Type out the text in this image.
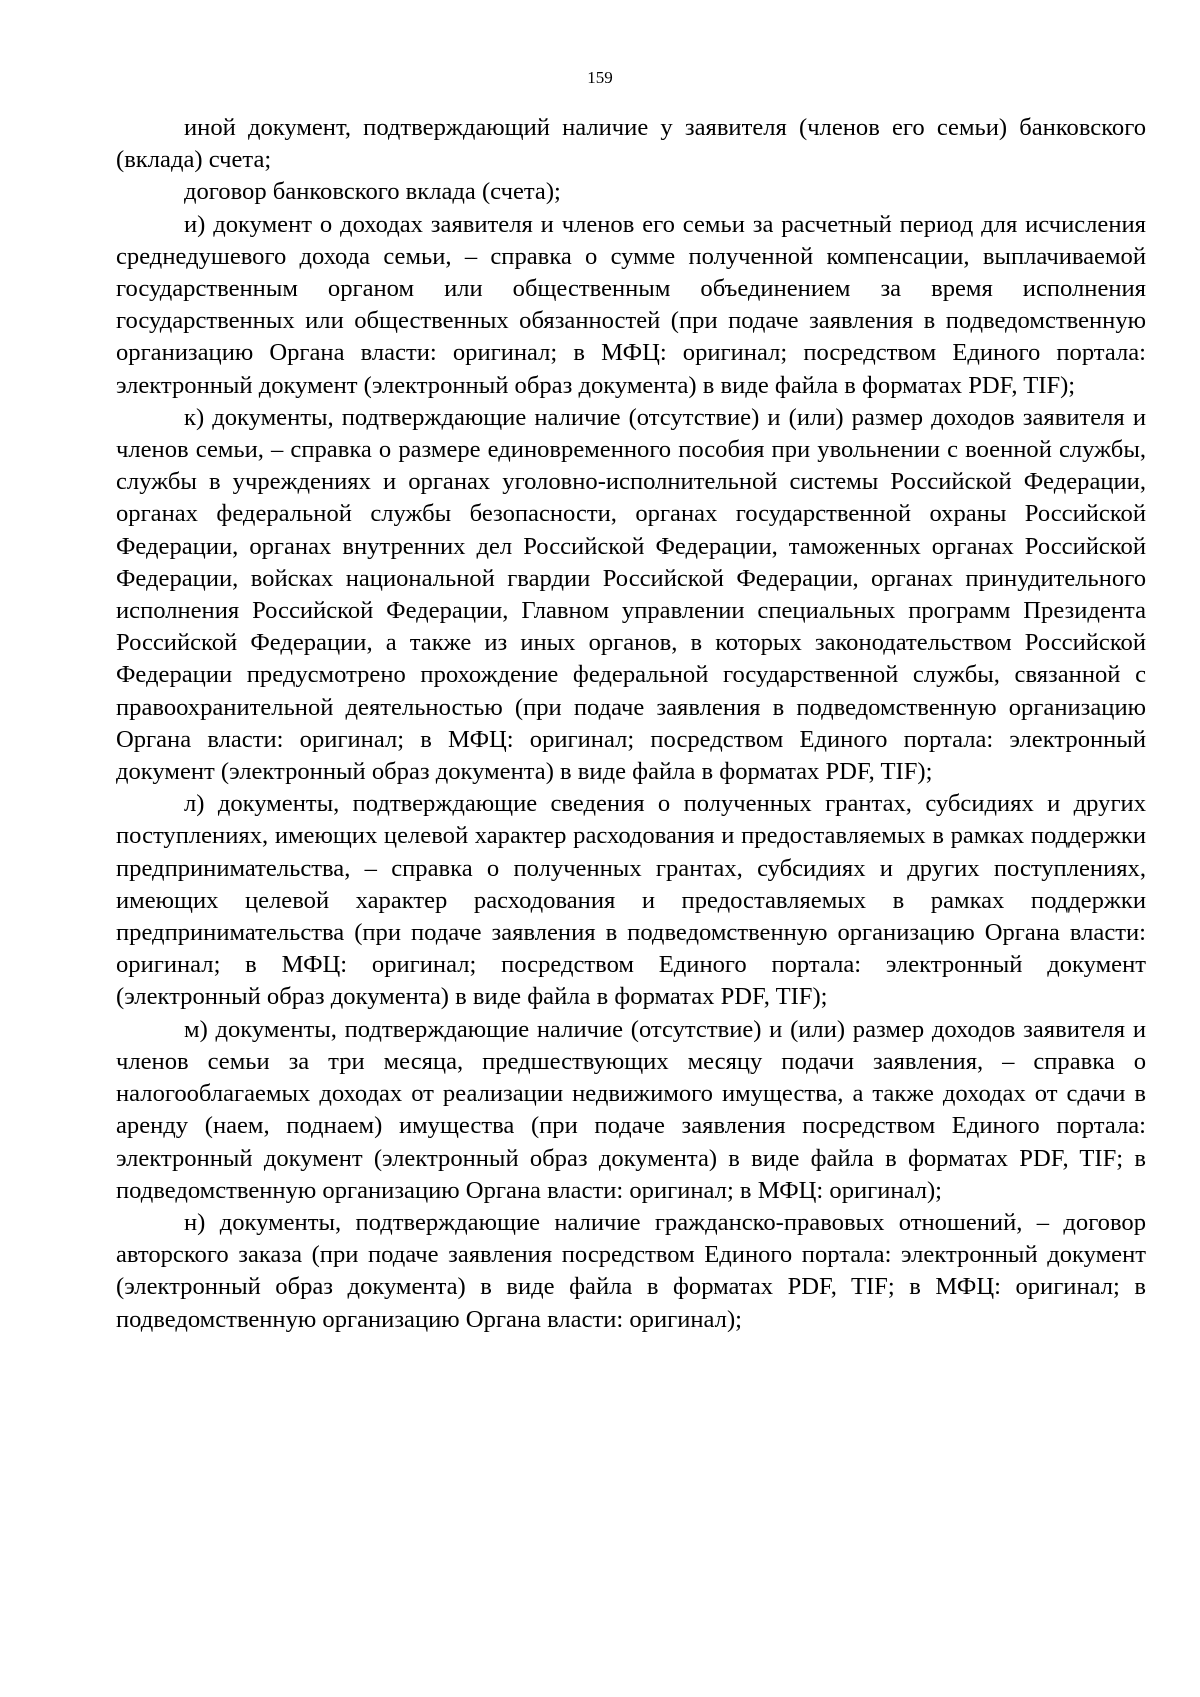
159

иной документ, подтверждающий наличие у заявителя (членов его семьи) банковского (вклада) счета;

договор банковского вклада (счета);

и) документ о доходах заявителя и членов его семьи за расчетный период для исчисления среднедушевого дохода семьи, – справка о сумме полученной компенсации, выплачиваемой государственным органом или общественным объединением за время исполнения государственных или общественных обязанностей (при подаче заявления в подведомственную организацию Органа власти: оригинал; в МФЦ: оригинал; посредством Единого портала: электронный документ (электронный образ документа) в виде файла в форматах PDF, TIF);

к) документы, подтверждающие наличие (отсутствие) и (или) размер доходов заявителя и членов семьи, – справка о размере единовременного пособия при увольнении с военной службы, службы в учреждениях и органах уголовно-исполнительной системы Российской Федерации, органах федеральной службы безопасности, органах государственной охраны Российской Федерации, органах внутренних дел Российской Федерации, таможенных органах Российской Федерации, войсках национальной гвардии Российской Федерации, органах принудительного исполнения Российской Федерации, Главном управлении специальных программ Президента Российской Федерации, а также из иных органов, в которых законодательством Российской Федерации предусмотрено прохождение федеральной государственной службы, связанной с правоохранительной деятельностью (при подаче заявления в подведомственную организацию Органа власти: оригинал; в МФЦ: оригинал; посредством Единого портала: электронный документ (электронный образ документа) в виде файла в форматах PDF, TIF);

л) документы, подтверждающие сведения о полученных грантах, субсидиях и других поступлениях, имеющих целевой характер расходования и предоставляемых в рамках поддержки предпринимательства, – справка о полученных грантах, субсидиях и других поступлениях, имеющих целевой характер расходования и предоставляемых в рамках поддержки предпринимательства (при подаче заявления в подведомственную организацию Органа власти: оригинал; в МФЦ: оригинал; посредством Единого портала: электронный документ (электронный образ документа) в виде файла в форматах PDF, TIF);

м) документы, подтверждающие наличие (отсутствие) и (или) размер доходов заявителя и членов семьи за три месяца, предшествующих месяцу подачи заявления, – справка о налогооблагаемых доходах от реализации недвижимого имущества, а также доходах от сдачи в аренду (наем, поднаем) имущества (при подаче заявления посредством Единого портала: электронный документ (электронный образ документа) в виде файла в форматах PDF, TIF; в подведомственную организацию Органа власти: оригинал; в МФЦ: оригинал);

н) документы, подтверждающие наличие гражданско-правовых отношений, – договор авторского заказа (при подаче заявления посредством Единого портала: электронный документ (электронный образ документа) в виде файла в форматах PDF, TIF; в МФЦ: оригинал; в подведомственную организацию Органа власти: оригинал);
